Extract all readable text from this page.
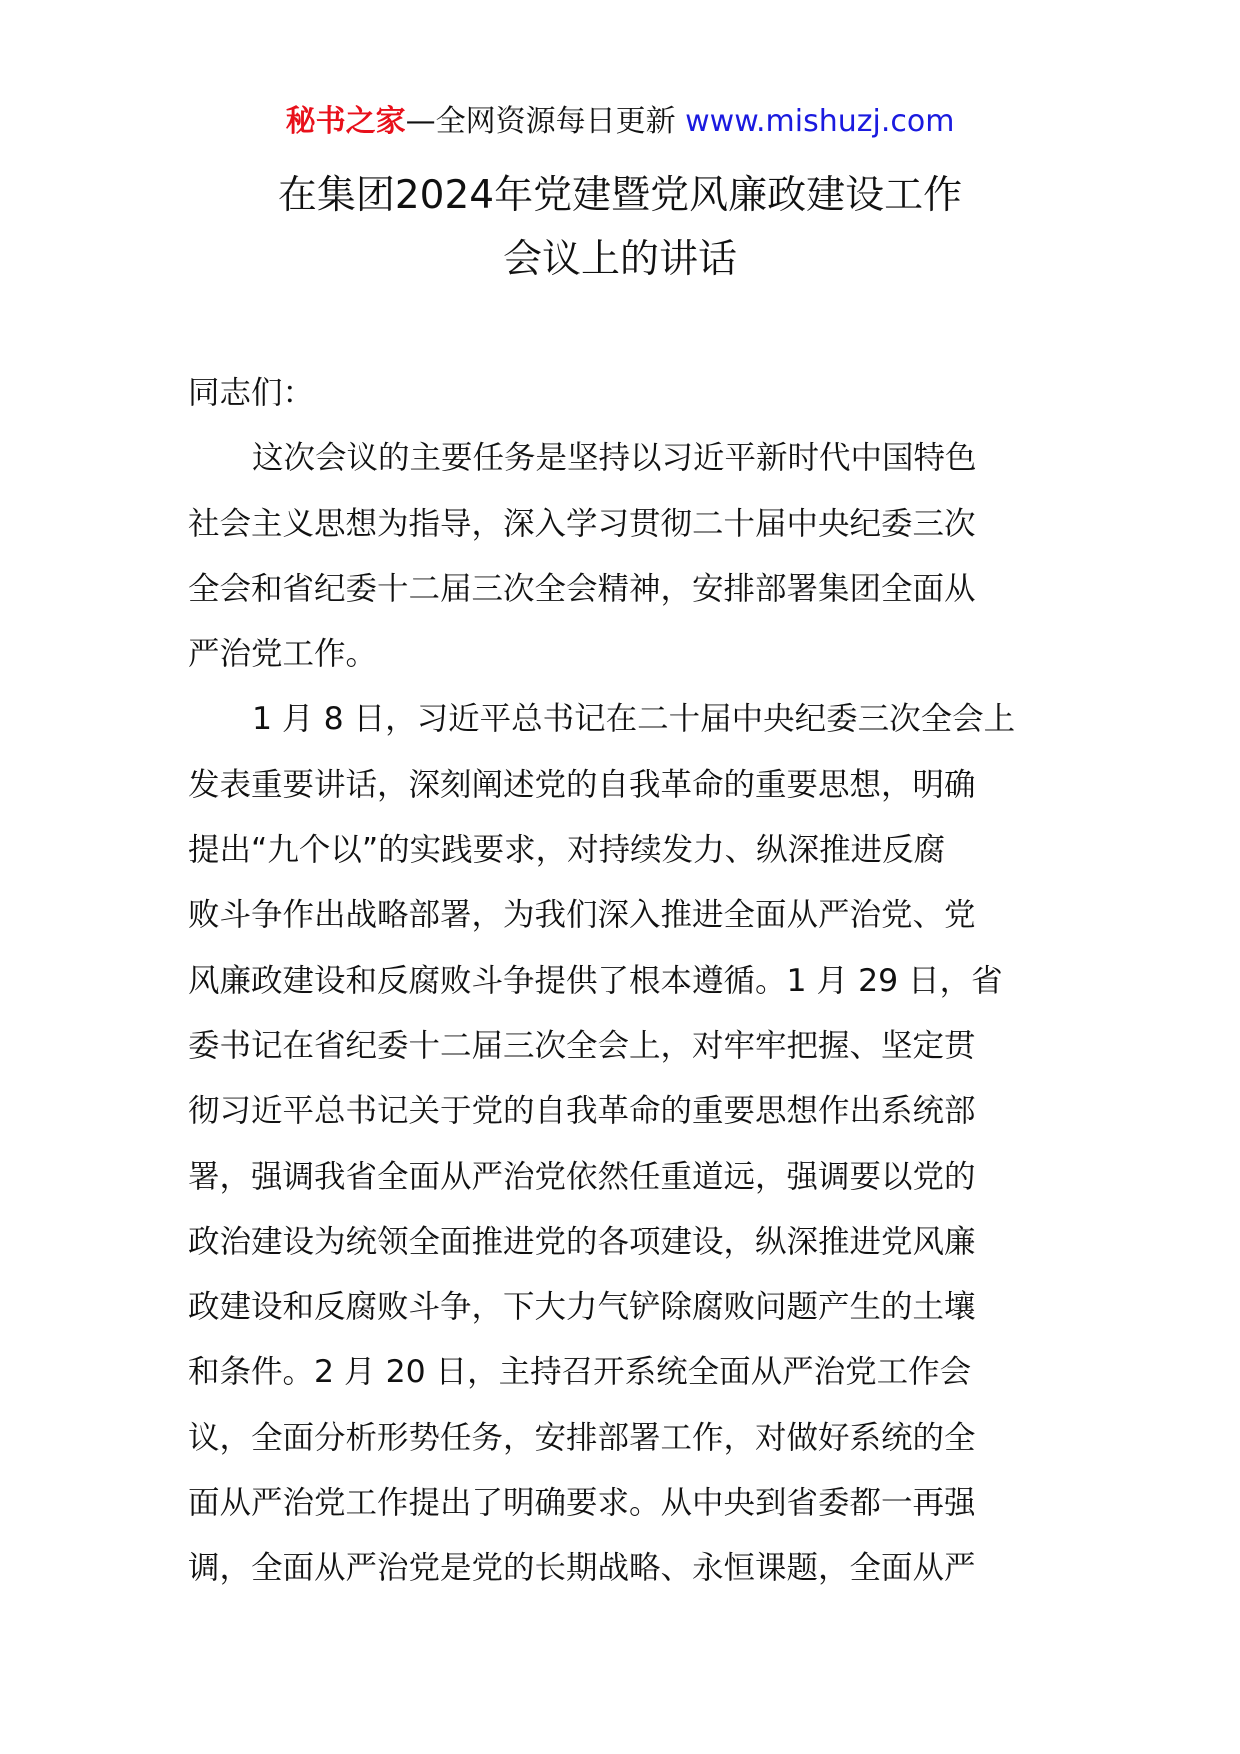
秘书之家—全网资源每日更新 www.mishuzj.com
在集团2024年党建暨党风廉政建设工作
会议上的讲话

同志们：

这次会议的主要任务是坚持以习近平新时代中国特色
社会主义思想为指导，深入学习贯彻二十届中央纪委三次
全会和省纪委十二届三次全会精神，安排部署集团全面从
严治党工作。
1 月 8 日，习近平总书记在二十届中央纪委三次全会上
发表重要讲话，深刻阐述党的自我革命的重要思想，明确
提出“九个以”的实践要求，对持续发力、纵深推进反腐
败斗争作出战略部署，为我们深入推进全面从严治党、党
风廉政建设和反腐败斗争提供了根本遵循。1 月 29 日，省
委书记在省纪委十二届三次全会上，对牢牢把握、坚定贯
彻习近平总书记关于党的自我革命的重要思想作出系统部
署，强调我省全面从严治党依然任重道远，强调要以党的
政治建设为统领全面推进党的各项建设，纵深推进党风廉
政建设和反腐败斗争，下大力气铲除腐败问题产生的土壤
和条件。2 月 20 日，主持召开系统全面从严治党工作会
议，全面分析形势任务，安排部署工作，对做好系统的全
面从严治党工作提出了明确要求。从中央到省委都一再强
调，全面从严治党是党的长期战略、永恒课题，全面从严
